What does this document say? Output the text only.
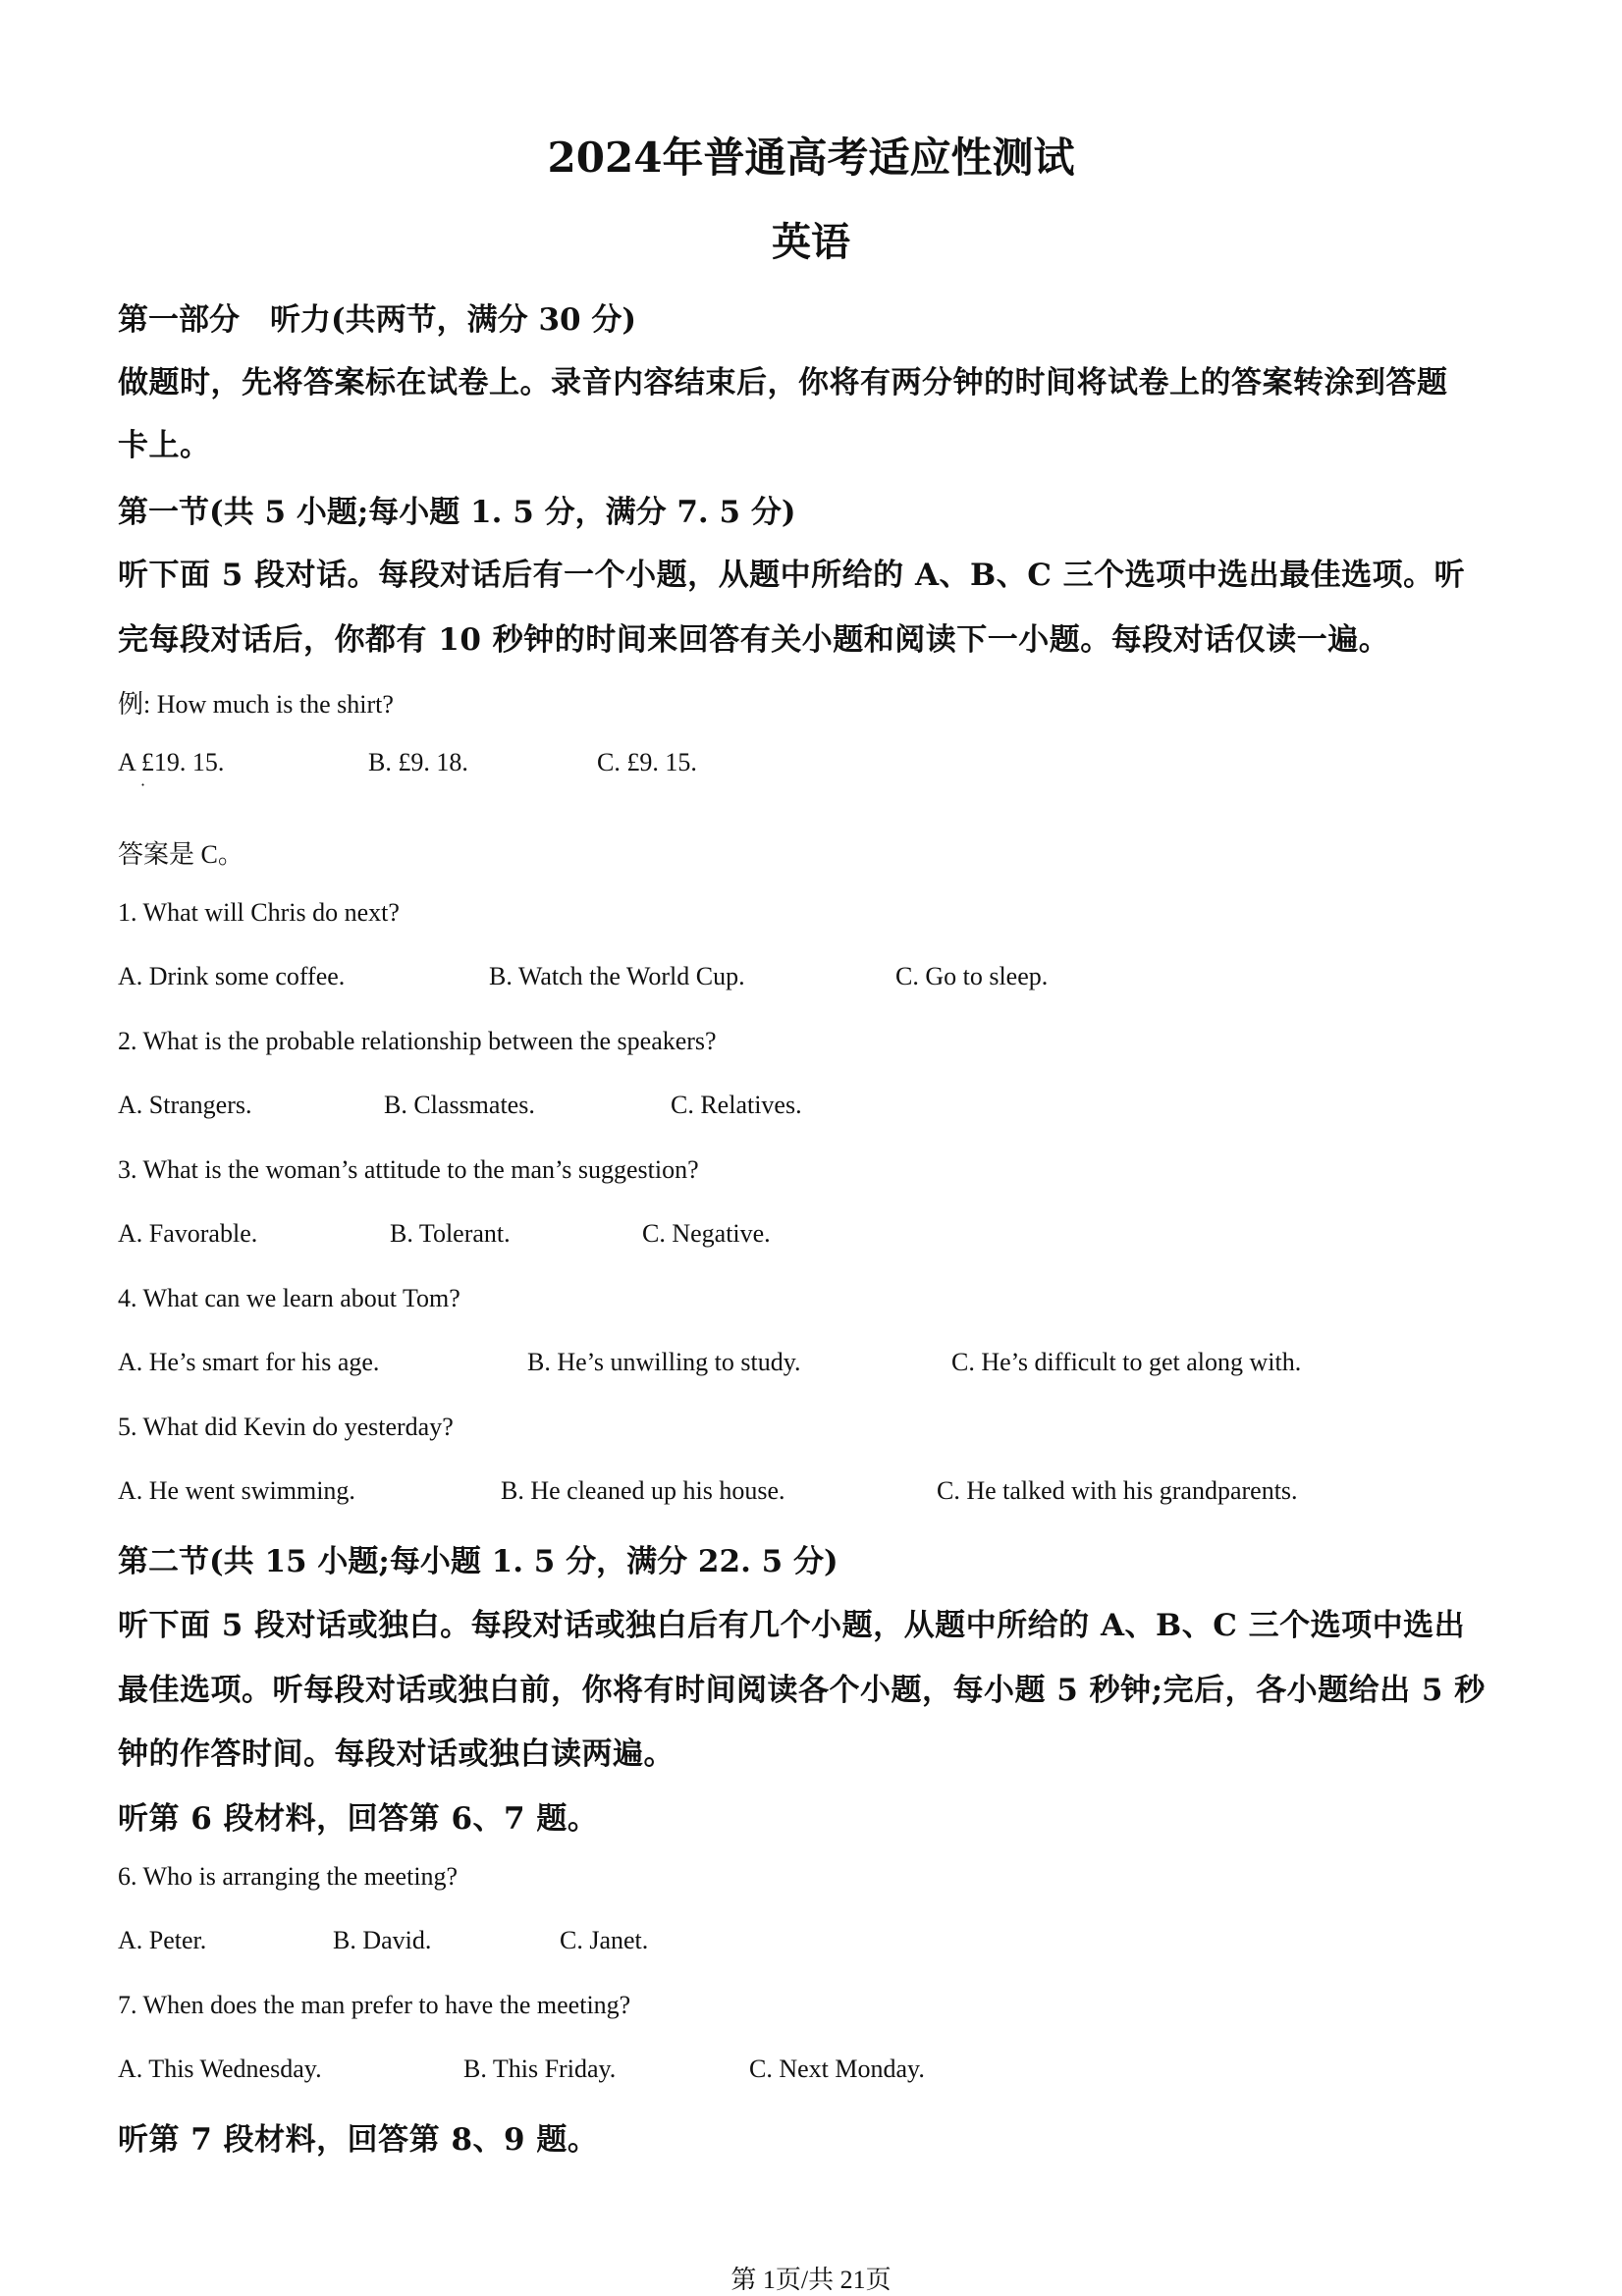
2024年普通高考适应性测试
英语
第一部分　听力(共两节，满分 30 分)
做题时，先将答案标在试卷上。录音内容结束后，你将有两分钟的时间将试卷上的答案转涂到答题
卡上。
第一节(共 5 小题;每小题 1. 5 分，满分 7. 5 分)
听下面 5 段对话。每段对话后有一个小题，从题中所给的 A、B、C 三个选项中选出最佳选项。听
完每段对话后，你都有 10 秒钟的时间来回答有关小题和阅读下一小题。每段对话仅读一遍。
例: How much is the shirt?
A £19. 15.	B. £9. 18.	C. £9. 15.
·
答案是 C。
1. What will Chris do next?
A. Drink some coffee.	B. Watch the World Cup.	C. Go to sleep.
2. What is the probable relationship between the speakers?
A. Strangers.	B. Classmates.	C. Relatives.
3. What is the woman’s attitude to the man’s suggestion?
A. Favorable.	B. Tolerant.	C. Negative.
4. What can we learn about Tom?
A. He’s smart for his age.	B. He’s unwilling to study.	C. He’s difficult to get along with.
5. What did Kevin do yesterday?
A. He went swimming.	B. He cleaned up his house.	C. He talked with his grandparents.
第二节(共 15 小题;每小题 1. 5 分，满分 22. 5 分)
听下面 5 段对话或独白。每段对话或独白后有几个小题，从题中所给的 A、B、C 三个选项中选出
最佳选项。听每段对话或独白前，你将有时间阅读各个小题，每小题 5 秒钟;完后，各小题给出 5 秒
钟的作答时间。每段对话或独白读两遍。
听第 6 段材料，回答第 6、7 题。
6. Who is arranging the meeting?
A. Peter.	B. David.	C. Janet.
7. When does the man prefer to have the meeting?
A. This Wednesday.	B. This Friday.	C. Next Monday.
听第 7 段材料，回答第 8、9 题。
第 1页/共 21页
